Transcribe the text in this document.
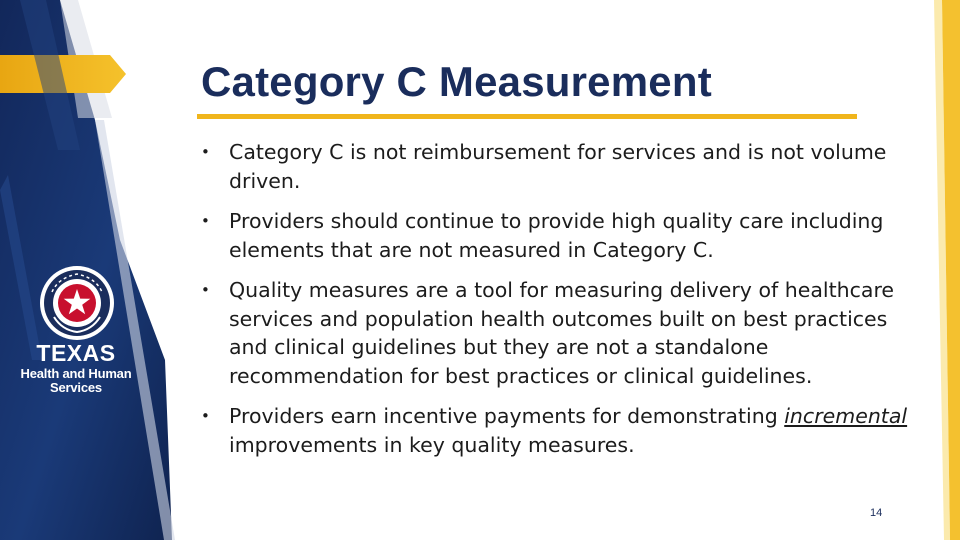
TEXAS
Health and Human
Services
Category C Measurement
• Category C is not reimbursement for services and is not volume driven.
• Providers should continue to provide high quality care including elements that are not measured in Category C.
• Quality measures are a tool for measuring delivery of healthcare services and population health outcomes built on best practices and clinical guidelines but they are not a standalone recommendation for best practices or clinical guidelines.
• Providers earn incentive payments for demonstrating incremental improvements in key quality measures.
14
